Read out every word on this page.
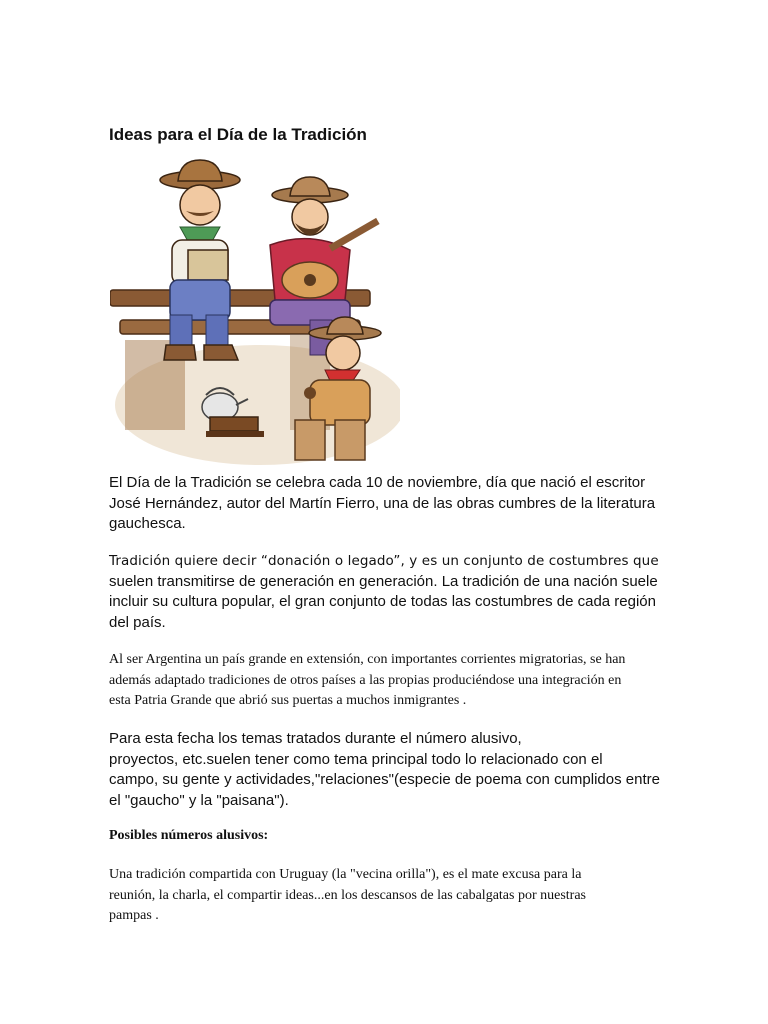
Ideas para el Día de la Tradición

El Día de la Tradición se celebra cada 10 de noviembre, día que nació el escritor
José Hernández, autor del Martín Fierro, una de las obras cumbres de la literatura
gauchesca.

Tradición quiere decir “donación o legado”, y es un conjunto de costumbres que
suelen transmitirse de generación en generación. La tradición de una nación suele
incluir su cultura popular, el gran conjunto de todas las costumbres de cada región
del país.

Al ser Argentina un país grande en extensión, con importantes corrientes migratorias, se han
además adaptado tradiciones de otros países a las propias produciéndose una integración en
esta Patria Grande que abrió sus puertas a muchos inmigrantes .

Para esta fecha los temas tratados durante el número alusivo,
proyectos, etc.suelen tener como tema principal todo lo relacionado con el
campo, su gente y actividades,"relaciones"(especie de poema con cumplidos entre
el "gaucho" y la "paisana").

Posibles números alusivos:

Una tradición compartida con Uruguay (la "vecina orilla"), es el mate excusa para la
reunión, la charla, el compartir ideas...en los descansos de las cabalgatas por nuestras
pampas .
